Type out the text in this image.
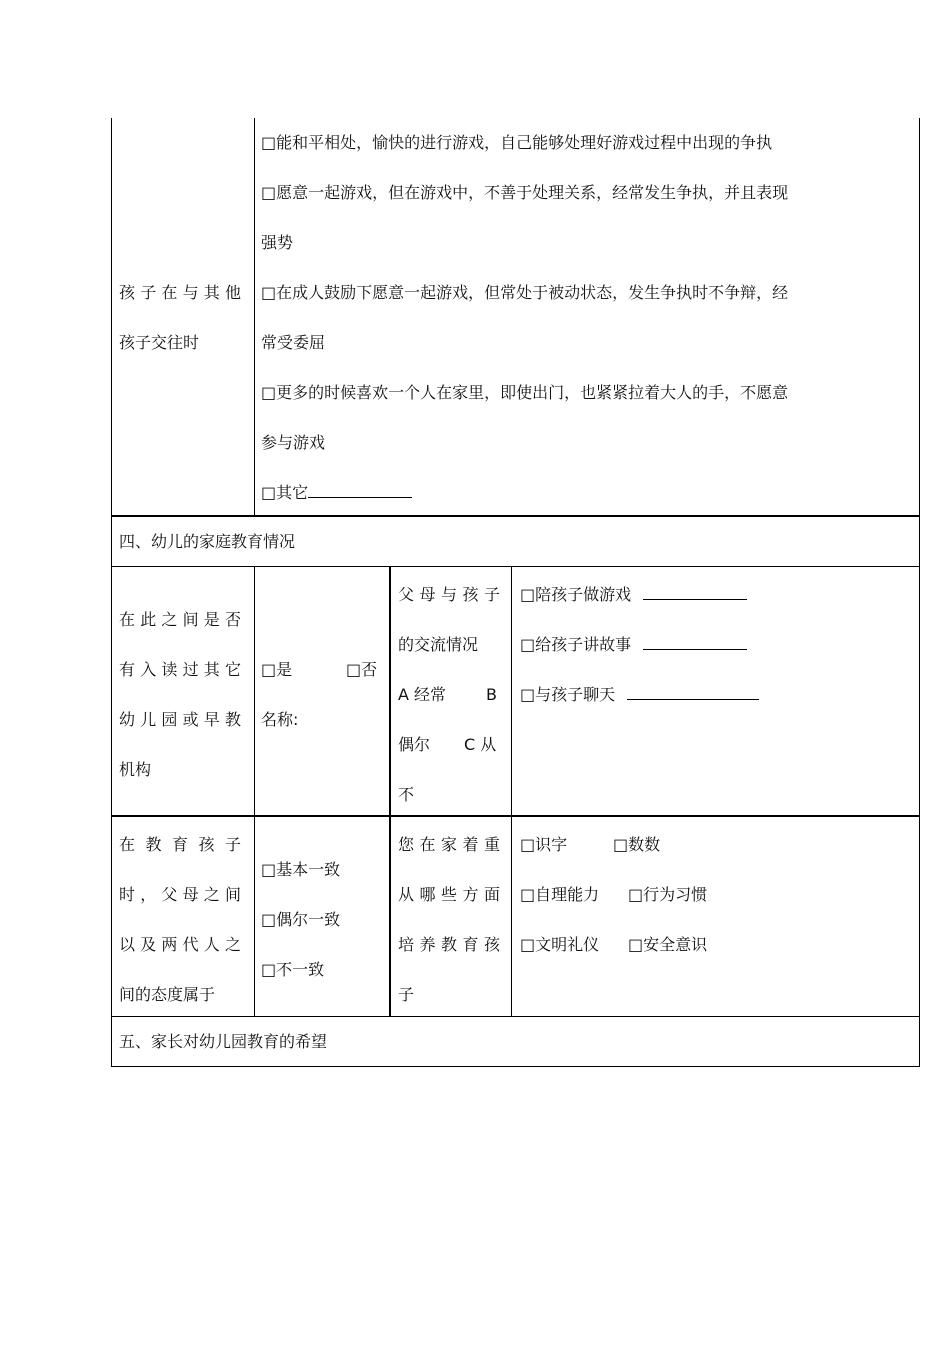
孩子在与其他
孩子交往时
□能和平相处，愉快的进行游戏，自己能够处理好游戏过程中出现的争执
□愿意一起游戏，但在游戏中，不善于处理关系，经常发生争执，并且表现
强势
□在成人鼓励下愿意一起游戏，但常处于被动状态，发生争执时不争辩，经
常受委屈
□更多的时候喜欢一个人在家里，即使出门，也紧紧拉着大人的手，不愿意
参与游戏
□其它
四、幼儿的家庭教育情况
在此之间是否
有入读过其它
幼儿园或早教
机构
□是	□否
名称:
父母与孩子
的交流情况
A 经常 B
偶尔 C 从
不
□陪孩子做游戏
□给孩子讲故事
□与孩子聊天
在教育孩子
时，父母之间
以及两代人之
间的态度属于
□基本一致
□偶尔一致
□不一致
您在家着重
从哪些方面
培养教育孩
子
□识字	□数数
□自理能力 □行为习惯
□文明礼仪 □安全意识
五、家长对幼儿园教育的希望
